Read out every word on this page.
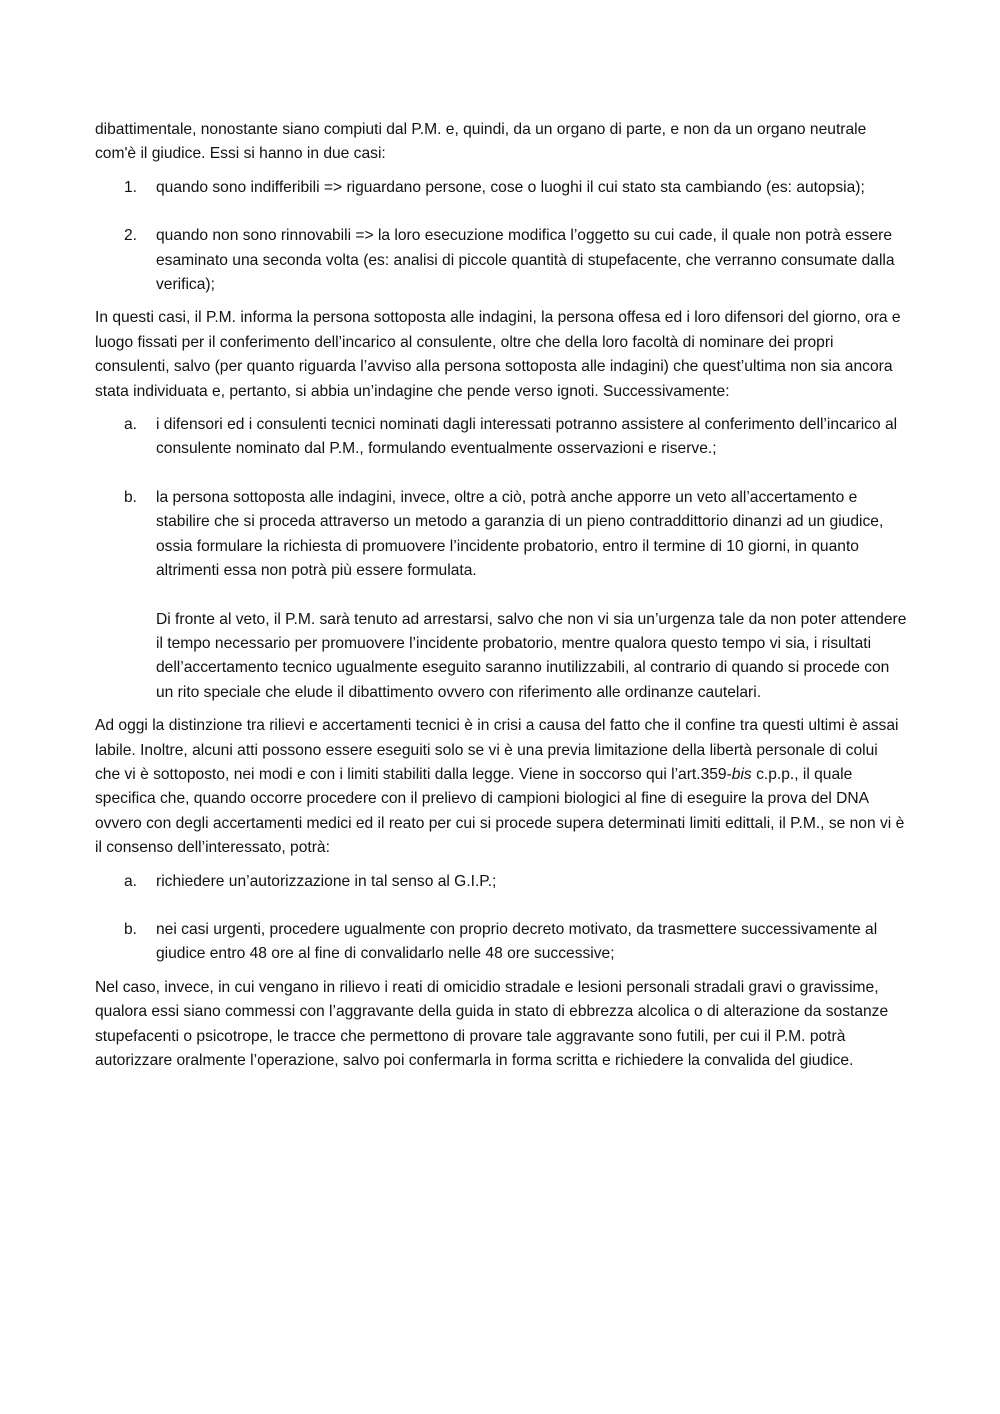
dibattimentale, nonostante siano compiuti dal P.M. e, quindi, da un organo di parte, e non da un organo neutrale com'è il giudice. Essi si hanno in due casi:

1. quando sono indifferibili => riguardano persone, cose o luoghi il cui stato sta cambiando (es: autopsia);
2. quando non sono rinnovabili => la loro esecuzione modifica l’oggetto su cui cade, il quale non potrà essere esaminato una seconda volta (es: analisi di piccole quantità di stupefacente, che verranno consumate dalla verifica);

In questi casi, il P.M. informa la persona sottoposta alle indagini, la persona offesa ed i loro difensori del giorno, ora e luogo fissati per il conferimento dell’incarico al consulente, oltre che della loro facoltà di nominare dei propri consulenti, salvo (per quanto riguarda l’avviso alla persona sottoposta alle indagini) che quest’ultima non sia ancora stata individuata e, pertanto, si abbia un’indagine che pende verso ignoti. Successivamente:

a. i difensori ed i consulenti tecnici nominati dagli interessati potranno assistere al conferimento dell’incarico al consulente nominato dal P.M., formulando eventualmente osservazioni e riserve.;
b. la persona sottoposta alle indagini, invece, oltre a ciò, potrà anche apporre un veto all’accertamento e stabilire che si proceda attraverso un metodo a garanzia di un pieno contraddittorio dinanzi ad un giudice, ossia formulare la richiesta di promuovere l’incidente probatorio, entro il termine di 10 giorni, in quanto altrimenti essa non potrà più essere formulata.
Di fronte al veto, il P.M. sarà tenuto ad arrestarsi, salvo che non vi sia un’urgenza tale da non poter attendere il tempo necessario per promuovere l’incidente probatorio, mentre qualora questo tempo vi sia, i risultati dell’accertamento tecnico ugualmente eseguito saranno inutilizzabili, al contrario di quando si procede con un rito speciale che elude il dibattimento ovvero con riferimento alle ordinanze cautelari.

Ad oggi la distinzione tra rilievi e accertamenti tecnici è in crisi a causa del fatto che il confine tra questi ultimi è assai labile. Inoltre, alcuni atti possono essere eseguiti solo se vi è una previa limitazione della libertà personale di colui che vi è sottoposto, nei modi e con i limiti stabiliti dalla legge. Viene in soccorso qui l’art.359-bis c.p.p., il quale specifica che, quando occorre procedere con il prelievo di campioni biologici al fine di eseguire la prova del DNA ovvero con degli accertamenti medici ed il reato per cui si procede supera determinati limiti edittali, il P.M., se non vi è il consenso dell’interessato, potrà:

a. richiedere un’autorizzazione in tal senso al G.I.P.;
b. nei casi urgenti, procedere ugualmente con proprio decreto motivato, da trasmettere successivamente al giudice entro 48 ore al fine di convalidarlo nelle 48 ore successive;

Nel caso, invece, in cui vengano in rilievo i reati di omicidio stradale e lesioni personali stradali gravi o gravissime, qualora essi siano commessi con l’aggravante della guida in stato di ebbrezza alcolica o di alterazione da sostanze stupefacenti o psicotrope, le tracce che permettono di provare tale aggravante sono futili, per cui il P.M. potrà autorizzare oralmente l’operazione, salvo poi confermarla in forma scritta e richiedere la convalida del giudice.
